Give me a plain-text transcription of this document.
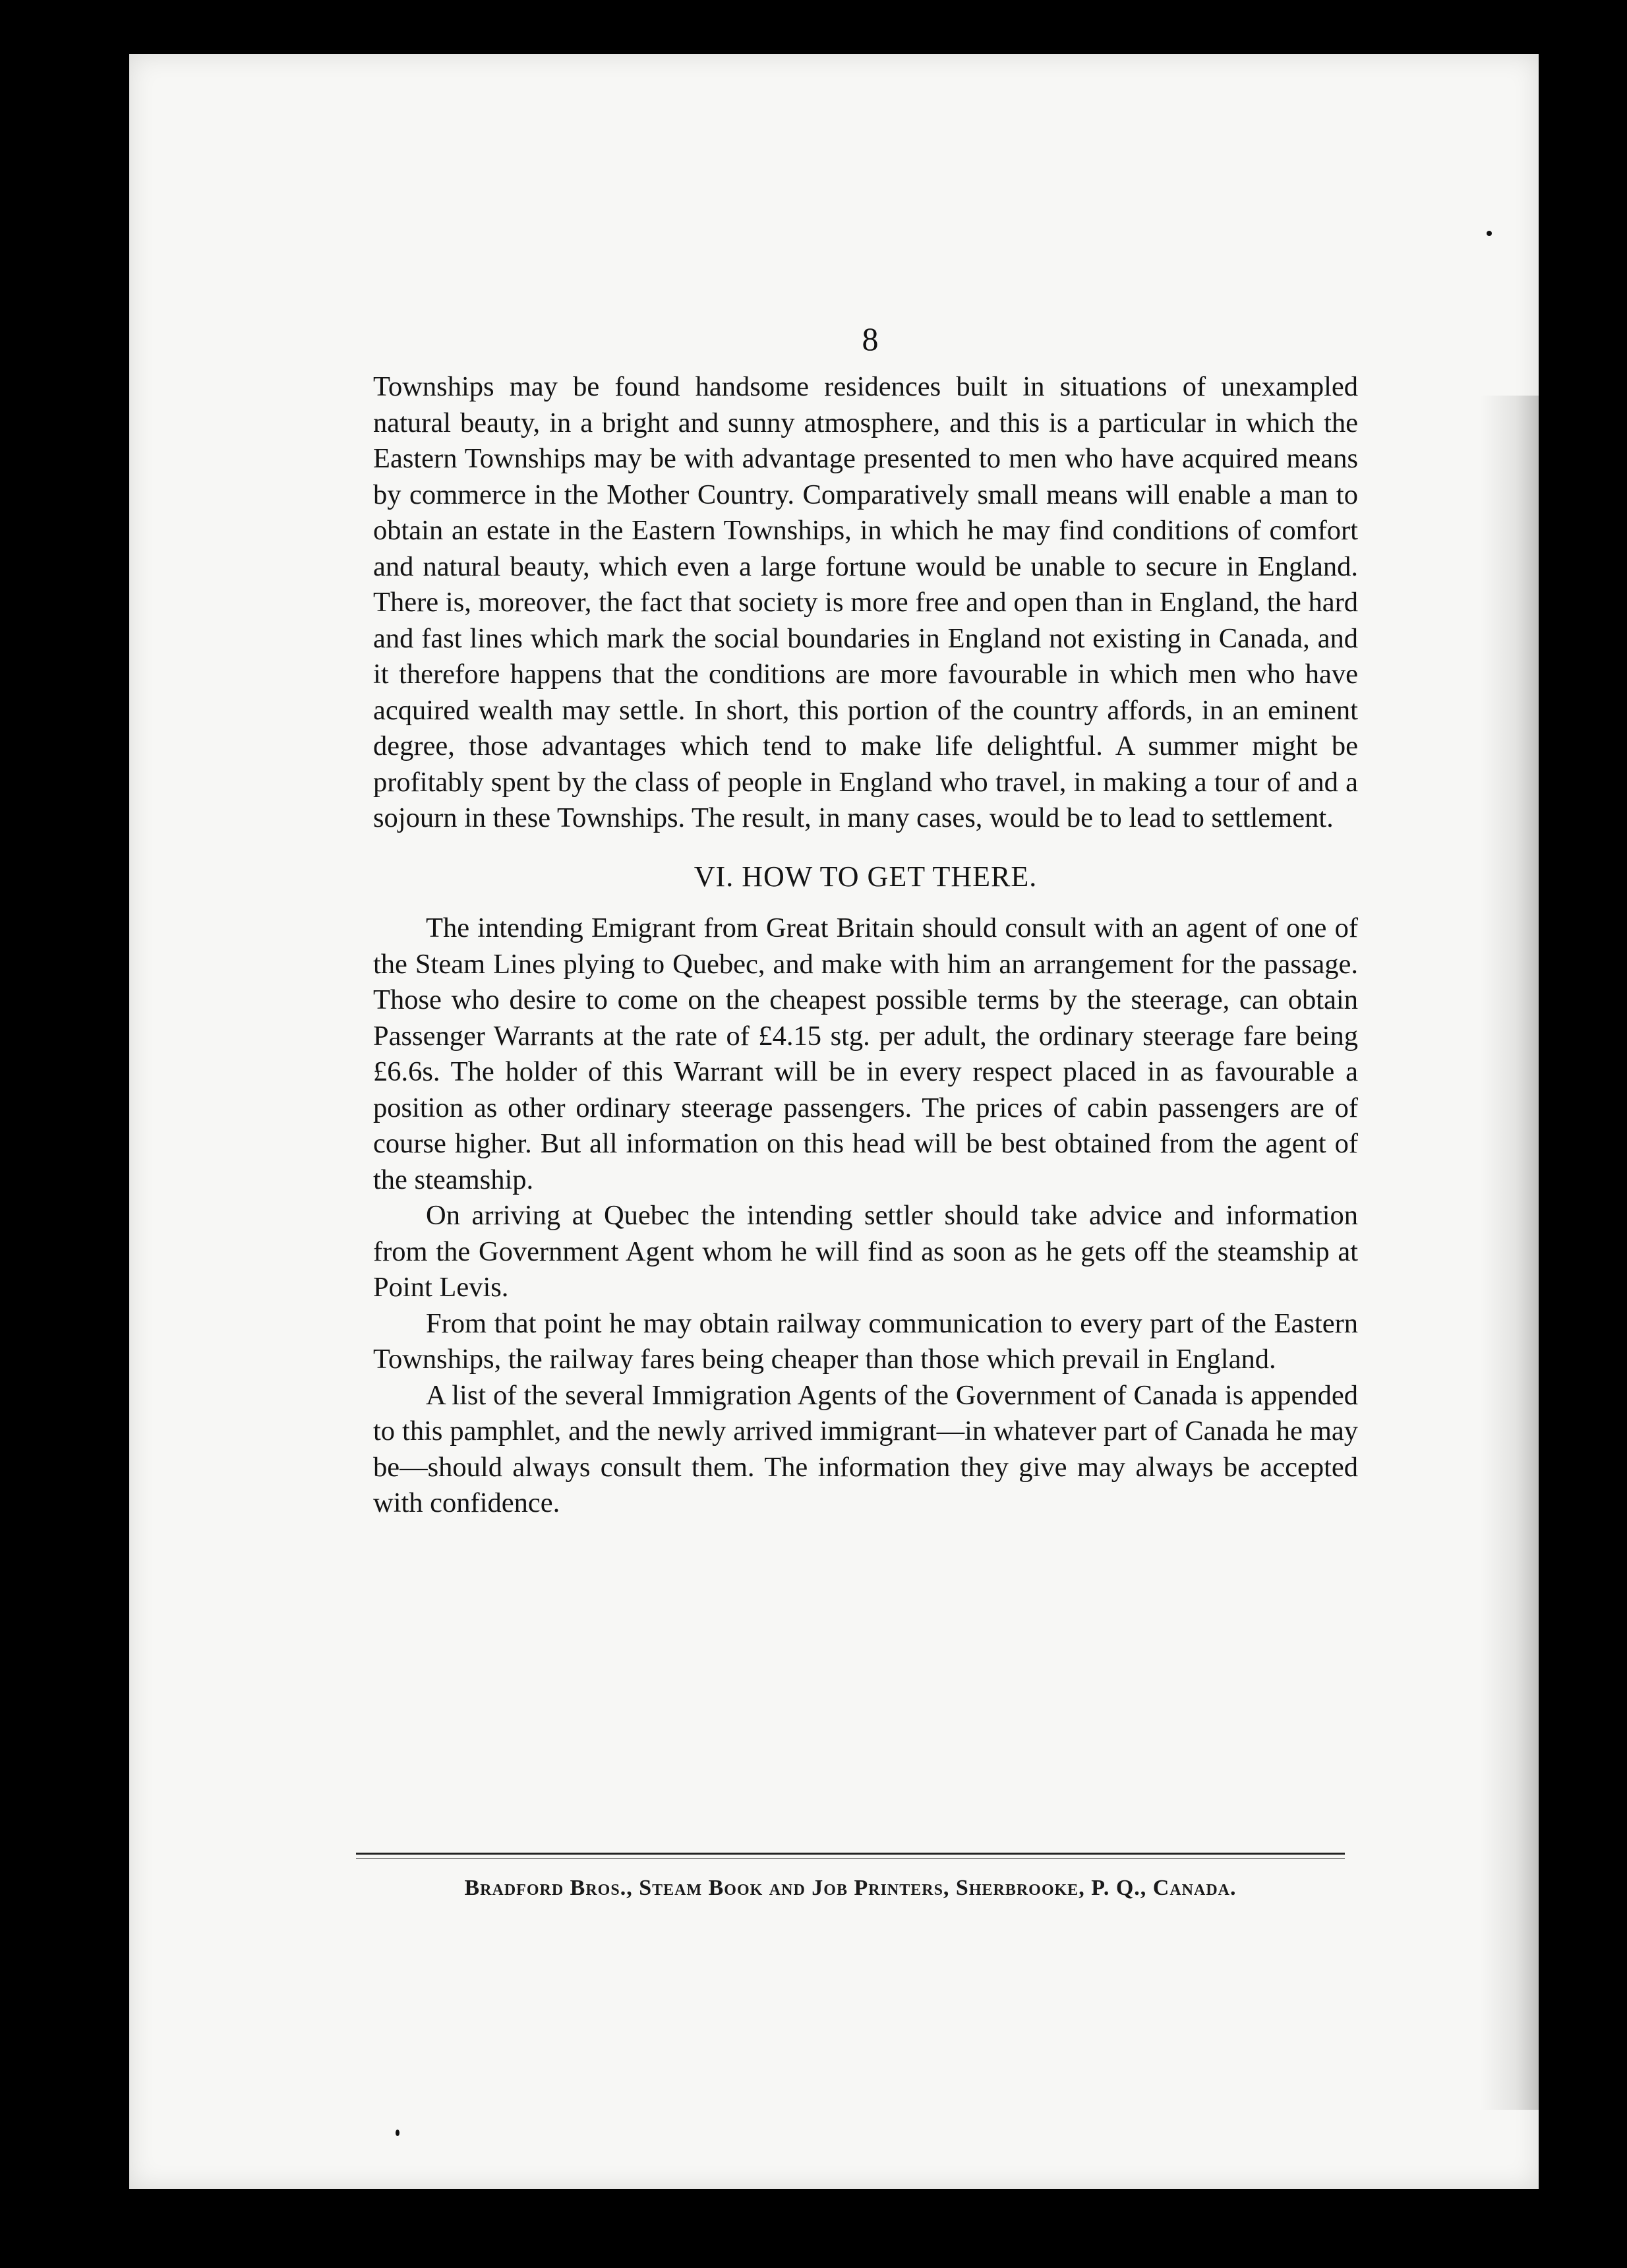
8

Townships may be found handsome residences built in situations of unexampled natural beauty, in a bright and sunny atmosphere, and this is a particular in which the Eastern Townships may be with advantage presented to men who have acquired means by commerce in the Mother Country. Comparatively small means will enable a man to obtain an estate in the Eastern Townships, in which he may find conditions of comfort and natural beauty, which even a large fortune would be unable to secure in England. There is, moreover, the fact that society is more free and open than in England, the hard and fast lines which mark the social boundaries in England not existing in Canada, and it therefore happens that the conditions are more favourable in which men who have acquired wealth may settle. In short, this portion of the country affords, in an eminent degree, those advantages which tend to make life delightful. A summer might be profitably spent by the class of people in England who travel, in making a tour of and a sojourn in these Townships. The result, in many cases, would be to lead to settlement.

VI. HOW TO GET THERE.

The intending Emigrant from Great Britain should consult with an agent of one of the Steam Lines plying to Quebec, and make with him an arrangement for the passage. Those who desire to come on the cheapest possible terms by the steerage, can obtain Passenger Warrants at the rate of £4.15 stg. per adult, the ordinary steerage fare being £6.6s. The holder of this Warrant will be in every respect placed in as favourable a position as other ordinary steerage passengers. The prices of cabin passengers are of course higher. But all information on this head will be best obtained from the agent of the steamship.

On arriving at Quebec the intending settler should take advice and information from the Government Agent whom he will find as soon as he gets off the steamship at Point Levis.

From that point he may obtain railway communication to every part of the Eastern Townships, the railway fares being cheaper than those which prevail in England.

A list of the several Immigration Agents of the Government of Canada is appended to this pamphlet, and the newly arrived immigrant—in whatever part of Canada he may be—should always consult them. The information they give may always be accepted with confidence.

Bradford Bros., Steam Book and Job Printers, Sherbrooke, P. Q., Canada.
